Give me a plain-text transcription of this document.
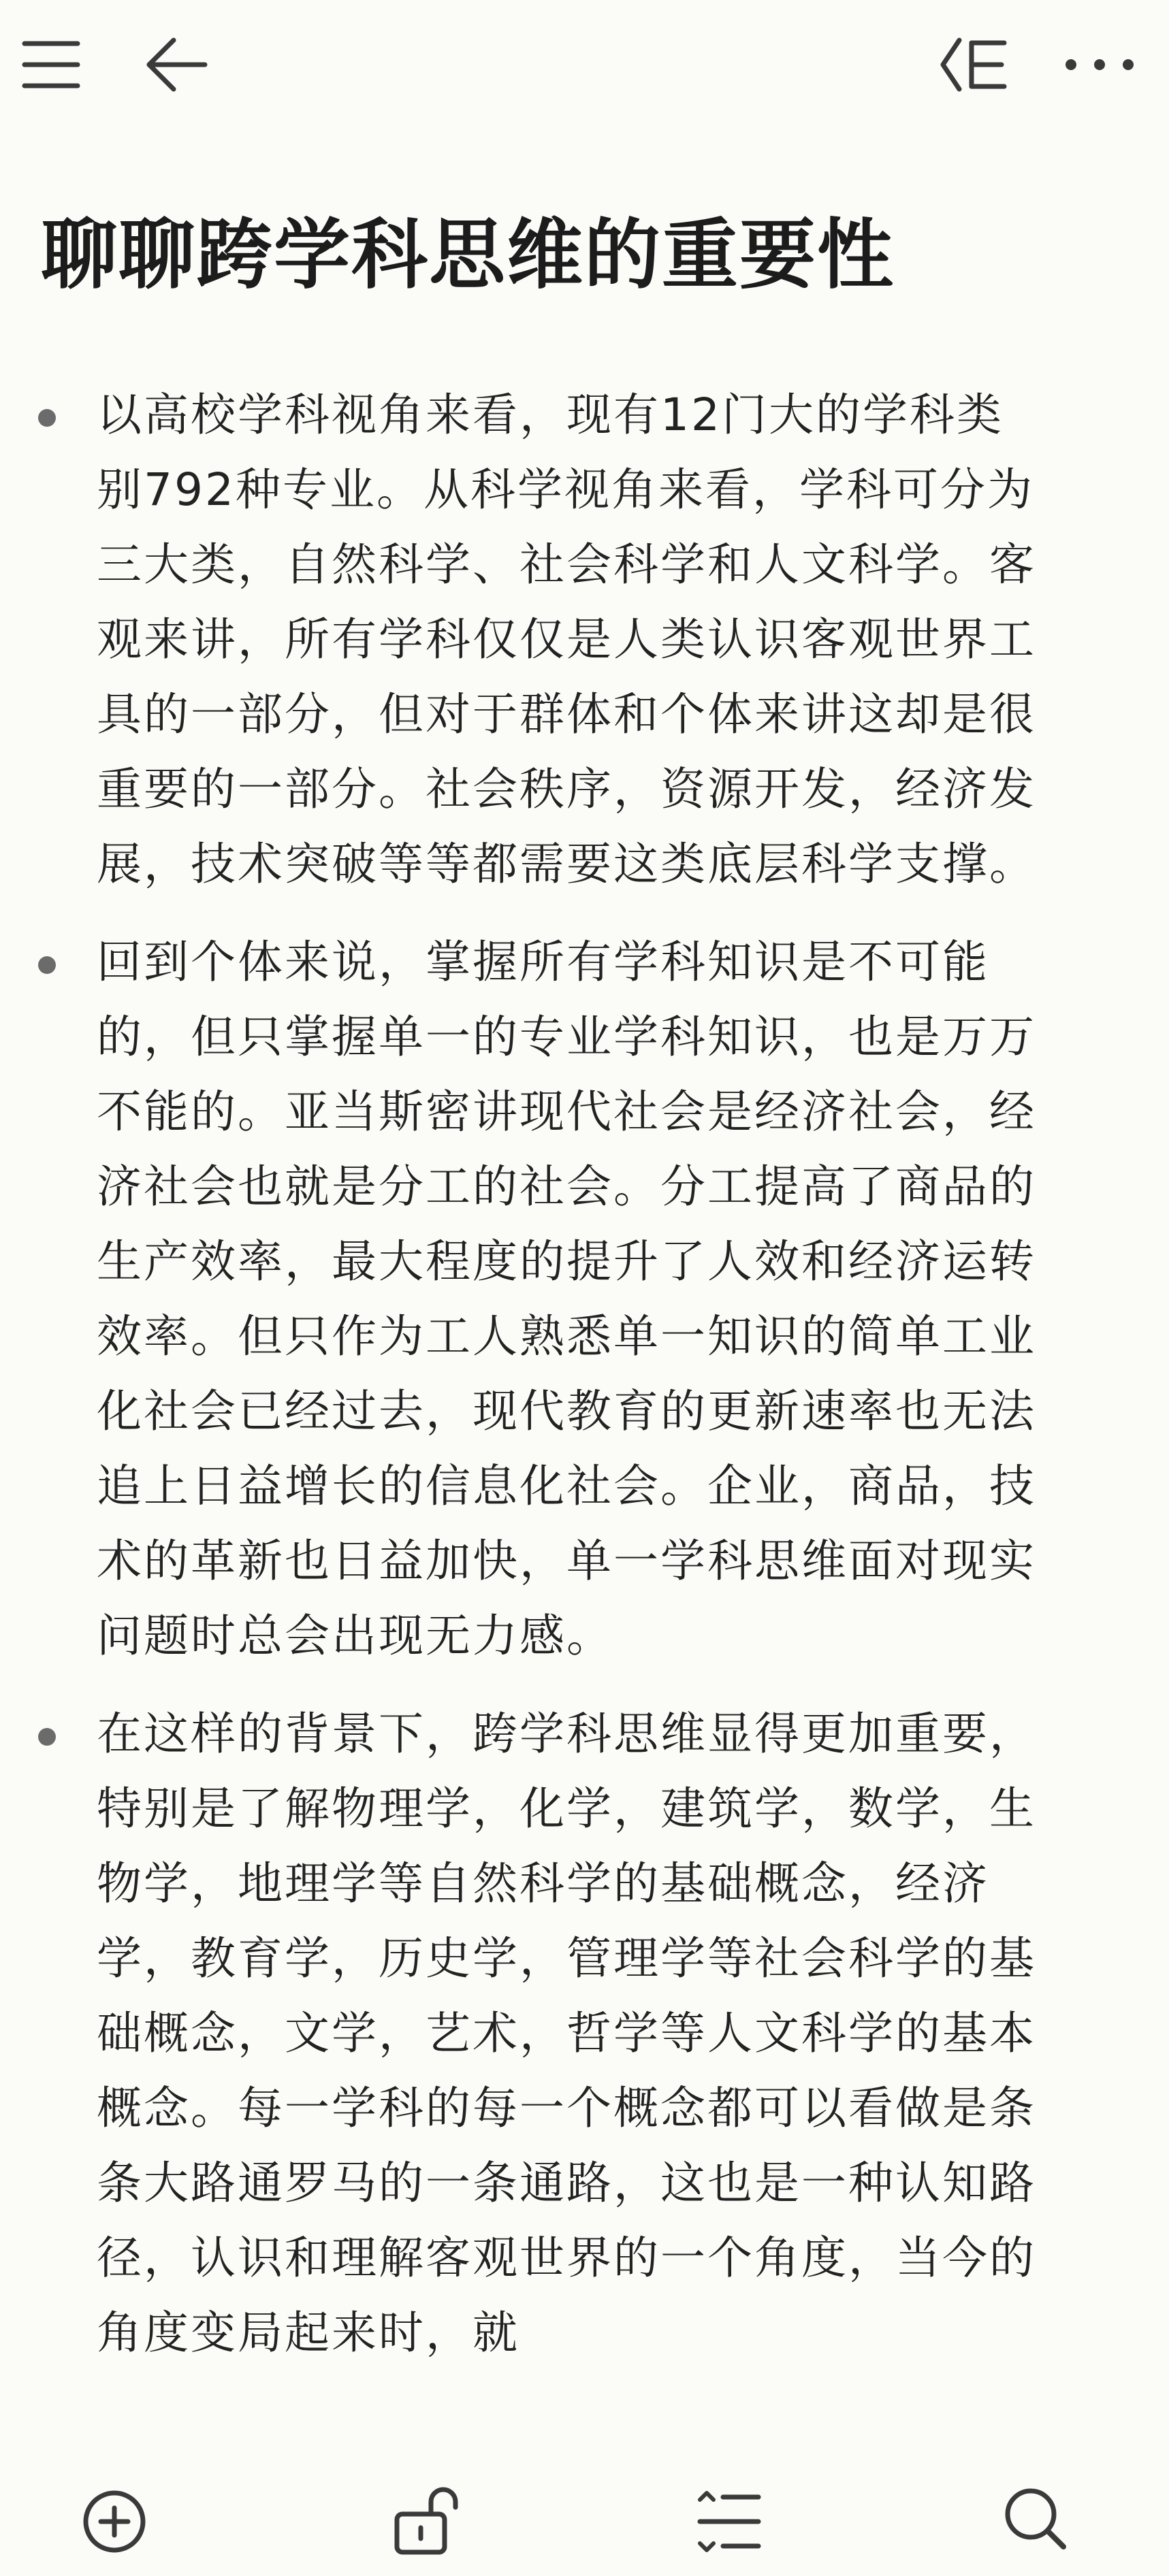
聊聊跨学科思维的重要性

以高校学科视角来看，现有12门大的学科类别792种专业。从科学视角来看，学科可分为三大类，自然科学、社会科学和人文科学。客观来讲，所有学科仅仅是人类认识客观世界工具的一部分，但对于群体和个体来讲这却是很重要的一部分。社会秩序，资源开发，经济发展，技术突破等等都需要这类底层科学支撑。

回到个体来说，掌握所有学科知识是不可能的，但只掌握单一的专业学科知识，也是万万不能的。亚当斯密讲现代社会是经济社会，经济社会也就是分工的社会。分工提高了商品的生产效率，最大程度的提升了人效和经济运转效率。但只作为工人熟悉单一知识的简单工业化社会已经过去，现代教育的更新速率也无法追上日益增长的信息化社会。企业，商品，技术的革新也日益加快，单一学科思维面对现实问题时总会出现无力感。

在这样的背景下，跨学科思维显得更加重要，特别是了解物理学，化学，建筑学，数学，生物学，地理学等自然科学的基础概念，经济学，教育学，历史学，管理学等社会科学的基础概念，文学，艺术，哲学等人文科学的基本概念。每一学科的每一个概念都可以看做是条条大路通罗马的一条通路，这也是一种认知路径，认识和理解客观世界的一个角度，当今的角度变局起来时，就
